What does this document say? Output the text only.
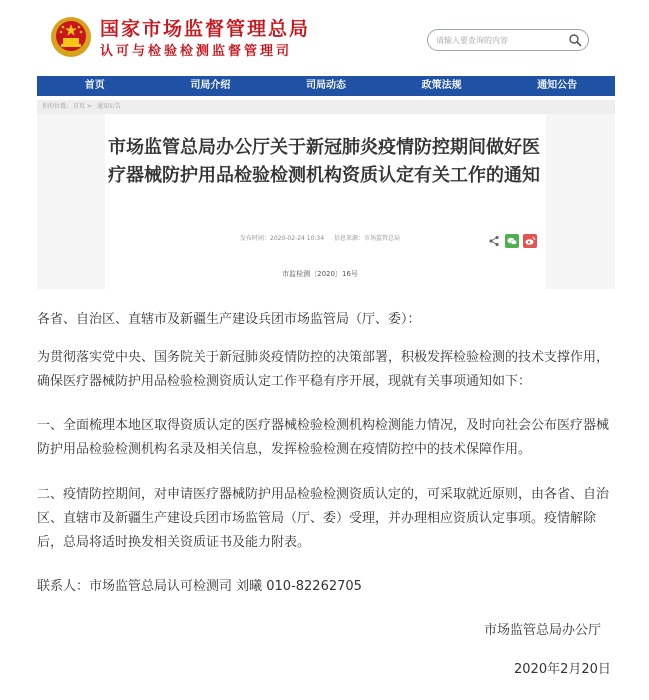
国家市场监督管理总局
认可与检验检测监督管理司
请输入要查询的内容
首页	司局介绍	司局动态	政策法规	通知公告
你的位置: 首页 > 通知公告
市场监管总局办公厅关于新冠肺炎疫情防控期间做好医疗器械防护用品检验检测机构资质认定有关工作的通知
发布时间：2020-02-24 10:34 信息来源：市场监管总局
市监检测〔2020〕16号
各省、自治区、直辖市及新疆生产建设兵团市场监管局（厅、委）：
为贯彻落实党中央、国务院关于新冠肺炎疫情防控的决策部署，积极发挥检验检测的技术支撑作用，确保医疗器械防护用品检验检测资质认定工作平稳有序开展，现就有关事项通知如下：
一、全面梳理本地区取得资质认定的医疗器械检验检测机构检测能力情况，及时向社会公布医疗器械防护用品检验检测机构名录及相关信息，发挥检验检测在疫情防控中的技术保障作用。
二、疫情防控期间，对申请医疗器械防护用品检验检测资质认定的，可采取就近原则，由各省、自治区、直辖市及新疆生产建设兵团市场监管局（厅、委）受理，并办理相应资质认定事项。疫情解除后，总局将适时换发相关资质证书及能力附表。
联系人：市场监管总局认可检测司 刘曦 010-82262705
市场监管总局办公厅
2020年2月20日
